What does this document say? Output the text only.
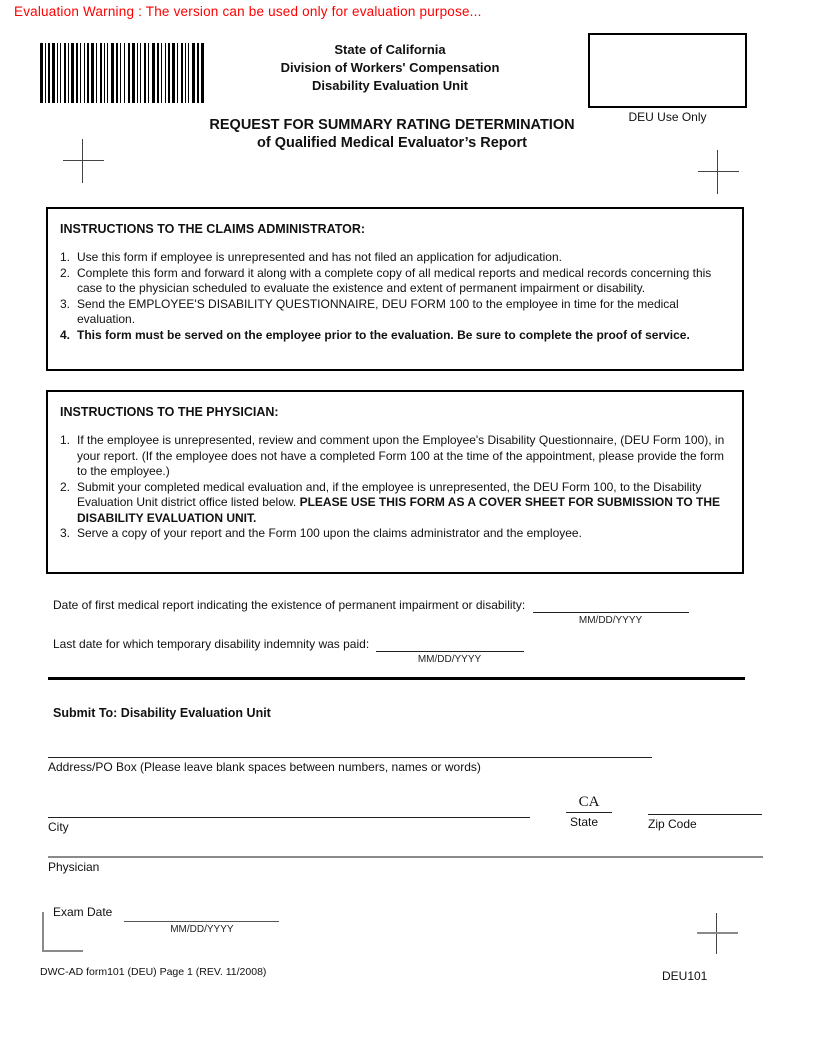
Evaluation Warning : The version can be used only for evaluation purpose...
State of California
Division of Workers' Compensation
Disability Evaluation Unit
DEU Use Only
REQUEST FOR SUMMARY RATING DETERMINATION
of Qualified Medical Evaluator’s Report
INSTRUCTIONS TO THE CLAIMS ADMINISTRATOR:
1. Use this form if employee is unrepresented and has not filed an application for adjudication.
2. Complete this form and forward it along with a complete copy of all medical reports and medical records concerning this case to the physician scheduled to evaluate the existence and extent of permanent impairment or disability.
3. Send the EMPLOYEE'S DISABILITY QUESTIONNAIRE, DEU FORM 100 to the employee in time for the medical evaluation.
4. This form must be served on the employee prior to the evaluation. Be sure to complete the proof of service.
INSTRUCTIONS TO THE PHYSICIAN:
1. If the employee is unrepresented, review and comment upon the Employee's Disability Questionnaire, (DEU Form 100), in your report. (If the employee does not have a completed Form 100 at the time of the appointment, please provide the form to the employee.)
2. Submit your completed medical evaluation and, if the employee is unrepresented, the DEU Form 100, to the Disability Evaluation Unit district office listed below. PLEASE USE THIS FORM AS A COVER SHEET FOR SUBMISSION TO THE DISABILITY EVALUATION UNIT.
3. Serve a copy of your report and the Form 100 upon the claims administrator and the employee.
Date of first medical report indicating the existence of permanent impairment or disability:
MM/DD/YYYY
Last date for which temporary disability indemnity was paid:
MM/DD/YYYY
Submit To: Disability Evaluation Unit
Address/PO Box (Please leave blank spaces between numbers, names or words)
City
CA
State	Zip Code
Physician
Exam Date
MM/DD/YYYY
DWC-AD form101 (DEU) Page 1 (REV. 11/2008)	DEU101
